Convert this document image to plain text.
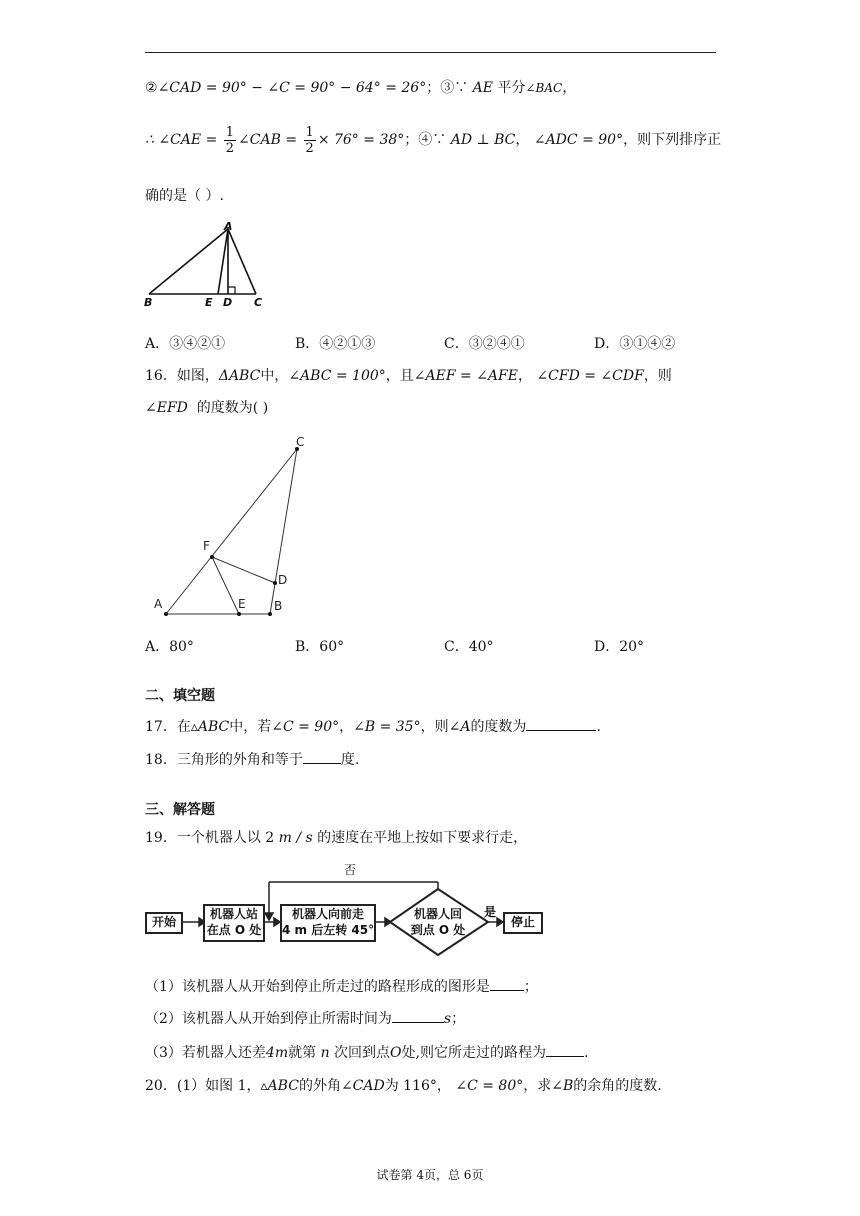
②∠CAD = 90° − ∠C = 90° − 64° = 26°；③∵ AE 平分∠BAC，
∴ ∠CAE = $\frac{1}{2}$ ∠CAB = $\frac{1}{2} \times 76^\circ = 38^\circ$；④∵ AD ⊥ BC， ∠ADC = 90°，则下列排序正
确的是（ ）.
A
B	E D C
A．③④②①	B．④②①③	C．③②④①	D．③①④②
16．如图，ΔABC中，∠ABC = 100°，且∠AEF = ∠AFE， ∠CFD = ∠CDF，则
∠EFD 的度数为( )
C
F
D
A	E B
A．80°	B．60°	C．40°	D．20°
二、填空题
17．在▵ABC中，若∠C = 90°，∠B = 35°，则∠A的度数为	.
18．三角形的外角和等于	度.
三、解答题
19．一个机器人以 2 m / s 的速度在平地上按如下要求行走，
机器人回
到点 O 处
是
否
开始
机器人站
在点 O 处
机器人向前走
4 m 后左转 45°
停止
（1）该机器人从开始到停止所走过的路程形成的图形是 ；
（2）该机器人从开始到停止所需时间为	s；
（3）若机器人还差4m就第 n 次回到点O处,则它所走过的路程为	.
20．(1）如图 1，▵ABC的外角∠CAD为 116°， ∠C = 80°，求∠B的余角的度数.
试卷第 4页，总 6页
